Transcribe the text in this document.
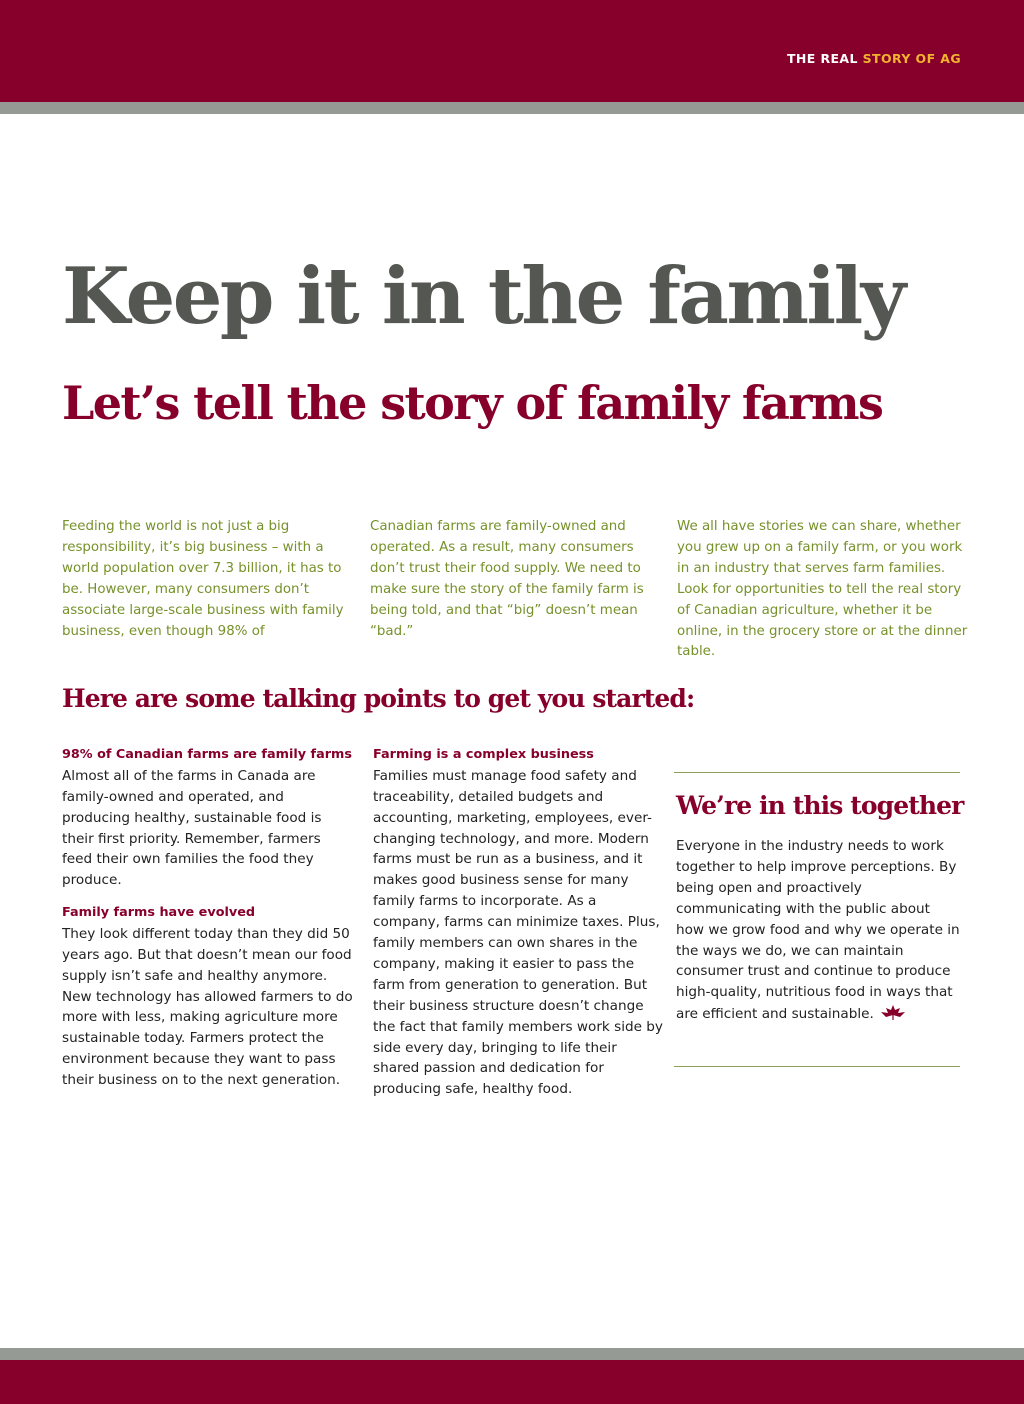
THE REAL STORY OF AG
Keep it in the family
Let’s tell the story of family farms

Feeding the world is not just a big responsibility, it’s big business – with a world population over 7.3 billion, it has to be. However, many consumers don’t associate large-scale business with family business, even though 98% of

Canadian farms are family-owned and operated. As a result, many consumers don’t trust their food supply. We need to make sure the story of the family farm is being told, and that “big” doesn’t mean “bad.”

We all have stories we can share, whether you grew up on a family farm, or you work in an industry that serves farm families. Look for opportunities to tell the real story of Canadian agriculture, whether it be online, in the grocery store or at the dinner table.

Here are some talking points to get you started:
98% of Canadian farms are family farms

Almost all of the farms in Canada are family-owned and operated, and producing healthy, sustainable food is their first priority. Remember, farmers feed their own families the food they produce.

Family farms have evolved

They look different today than they did 50 years ago. But that doesn’t mean our food supply isn’t safe and healthy anymore. New technology has allowed farmers to do more with less, making agriculture more sustainable today. Farmers protect the environment because they want to pass their business on to the next generation.

Farming is a complex business

Families must manage food safety and traceability, detailed budgets and accounting, marketing, employees, ever-changing technology, and more. Modern farms must be run as a business, and it makes good business sense for many family farms to incorporate. As a company, farms can minimize taxes. Plus, family members can own shares in the company, making it easier to pass the farm from generation to generation. But their business structure doesn’t change the fact that family members work side by side every day, bringing to life their shared passion and dedication for producing safe, healthy food.

We’re in this together

Everyone in the industry needs to work together to help improve perceptions. By being open and proactively communicating with the public about how we grow food and why we operate in the ways we do, we can maintain consumer trust and continue to produce high-quality, nutritious food in ways that are efficient and sustainable.
